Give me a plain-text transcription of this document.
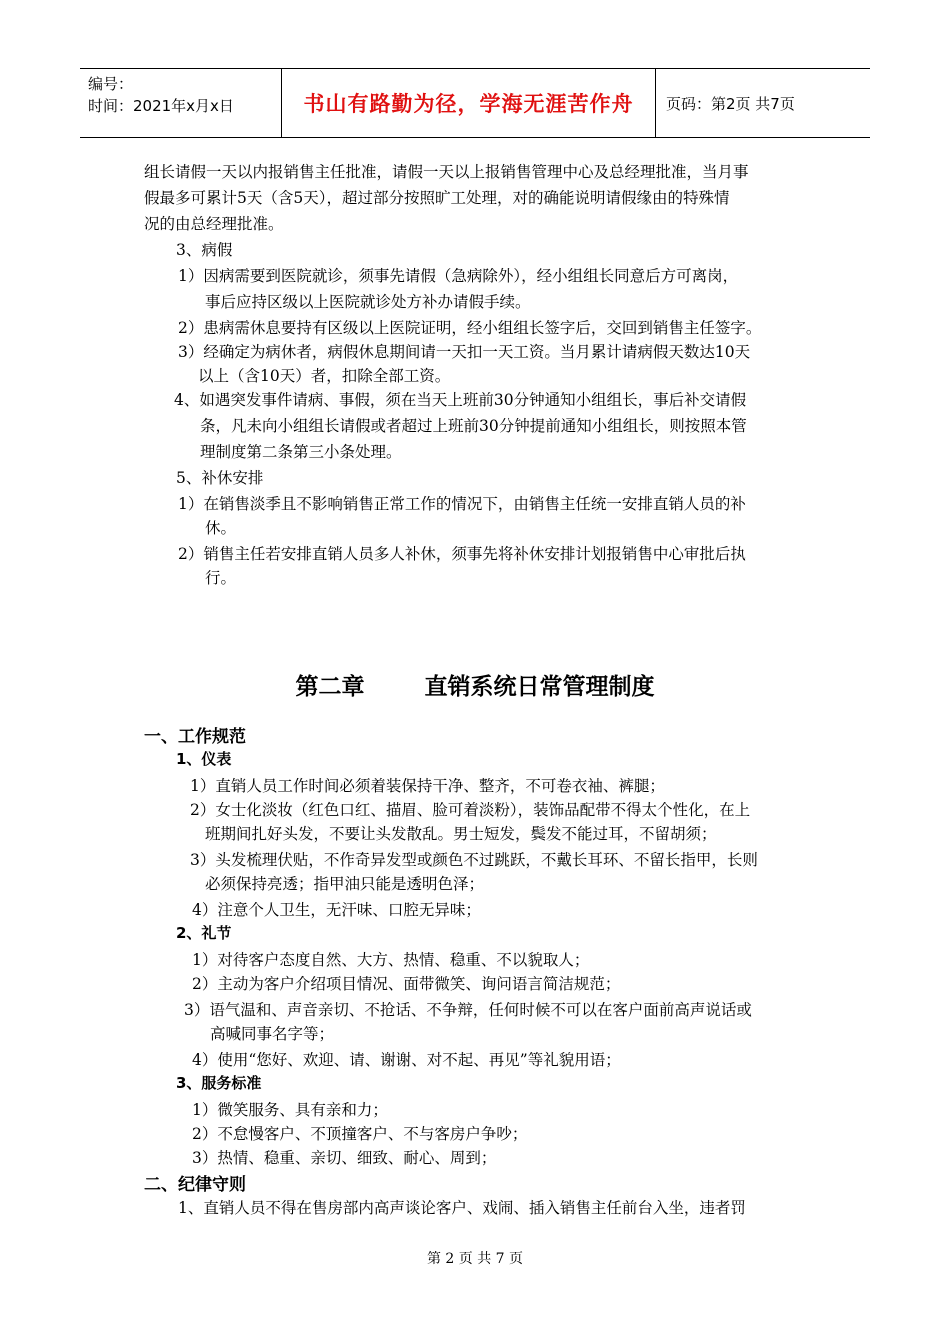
编号：
时间：2021年x月x日	书山有路勤为径，学海无涯苦作舟	页码：第2页 共7页
组长请假一天以内报销售主任批准，请假一天以上报销售管理中心及总经理批准，当月事
假最多可累计5天（含5天），超过部分按照旷工处理，对的确能说明请假缘由的特殊情
况的由总经理批准。
3、病假
1）因病需要到医院就诊，须事先请假（急病除外），经小组组长同意后方可离岗，
事后应持区级以上医院就诊处方补办请假手续。
2）患病需休息要持有区级以上医院证明，经小组组长签字后，交回到销售主任签字。
3）经确定为病休者，病假休息期间请一天扣一天工资。当月累计请病假天数达10天
以上（含10天）者，扣除全部工资。
4、如遇突发事件请病、事假，须在当天上班前30分钟通知小组组长，事后补交请假
条，凡未向小组组长请假或者超过上班前30分钟提前通知小组组长，则按照本管
理制度第二条第三小条处理。
5、补休安排
1）在销售淡季且不影响销售正常工作的情况下，由销售主任统一安排直销人员的补
休。
2）销售主任若安排直销人员多人补休，须事先将补休安排计划报销售中心审批后执
行。
第二章	直销系统日常管理制度
一、工作规范
1、仪表
1）直销人员工作时间必须着装保持干净、整齐，不可卷衣袖、裤腿；
2）女士化淡妆（红色口红、描眉、脸可着淡粉），装饰品配带不得太个性化，在上
班期间扎好头发，不要让头发散乱。男士短发，鬓发不能过耳，不留胡须；
3）头发梳理伏贴，不作奇异发型或颜色不过跳跃，不戴长耳环、不留长指甲，长则
必须保持亮透；指甲油只能是透明色泽；
4）注意个人卫生，无汗味、口腔无异味；
2、礼节
1）对待客户态度自然、大方、热情、稳重、不以貌取人；
2）主动为客户介绍项目情况、面带微笑、询问语言简洁规范；
3）语气温和、声音亲切、不抢话、不争辩，任何时候不可以在客户面前高声说话或
高喊同事名字等；
4）使用“您好、欢迎、请、谢谢、对不起、再见”等礼貌用语；
3、服务标准
1）微笑服务、具有亲和力；
2）不怠慢客户、不顶撞客户、不与客房户争吵；
3）热情、稳重、亲切、细致、耐心、周到；
二、纪律守则
1、直销人员不得在售房部内高声谈论客户、戏闹、插入销售主任前台入坐，违者罚
第 2 页 共 7 页
